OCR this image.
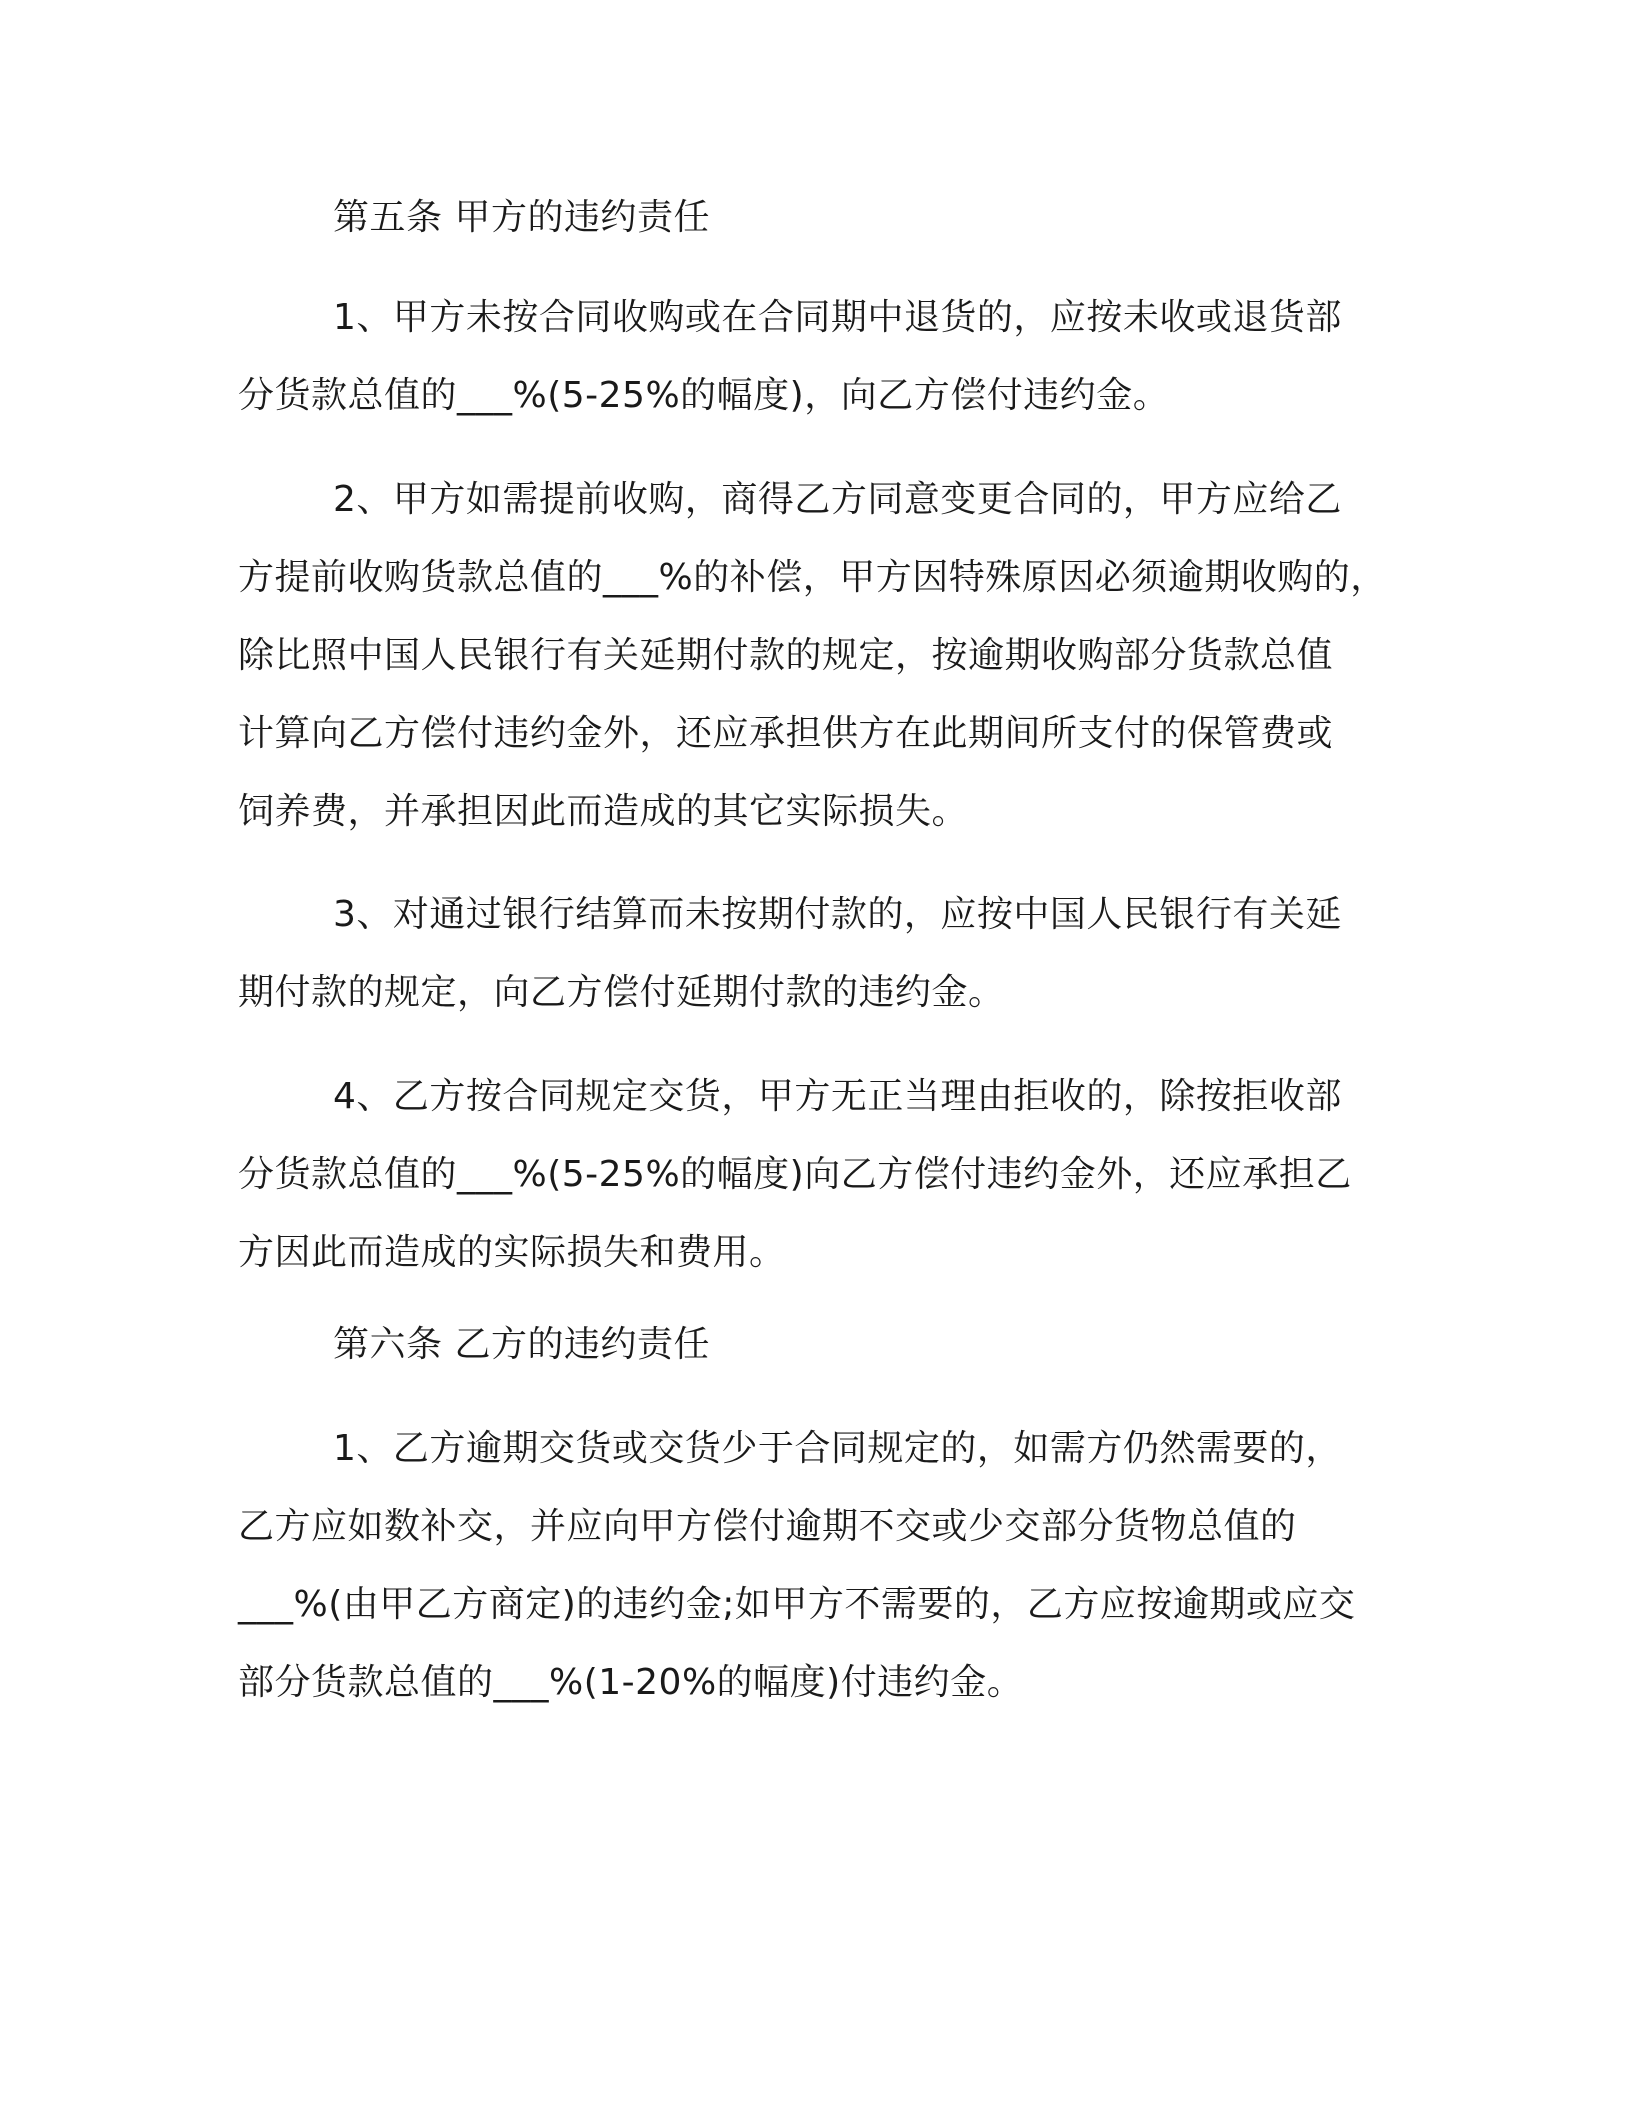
第五条 甲方的违约责任
1、甲方未按合同收购或在合同期中退货的，应按未收或退货部
分货款总值的___%(5-25%的幅度)，向乙方偿付违约金。
2、甲方如需提前收购，商得乙方同意变更合同的，甲方应给乙
方提前收购货款总值的___%的补偿，甲方因特殊原因必须逾期收购的，
除比照中国人民银行有关延期付款的规定，按逾期收购部分货款总值
计算向乙方偿付违约金外，还应承担供方在此期间所支付的保管费或
饲养费，并承担因此而造成的其它实际损失。
3、对通过银行结算而未按期付款的，应按中国人民银行有关延
期付款的规定，向乙方偿付延期付款的违约金。
4、乙方按合同规定交货，甲方无正当理由拒收的，除按拒收部
分货款总值的___%(5-25%的幅度)向乙方偿付违约金外，还应承担乙
方因此而造成的实际损失和费用。
第六条 乙方的违约责任
1、乙方逾期交货或交货少于合同规定的，如需方仍然需要的，
乙方应如数补交，并应向甲方偿付逾期不交或少交部分货物总值的
___%(由甲乙方商定)的违约金;如甲方不需要的，乙方应按逾期或应交
部分货款总值的___%(1-20%的幅度)付违约金。
